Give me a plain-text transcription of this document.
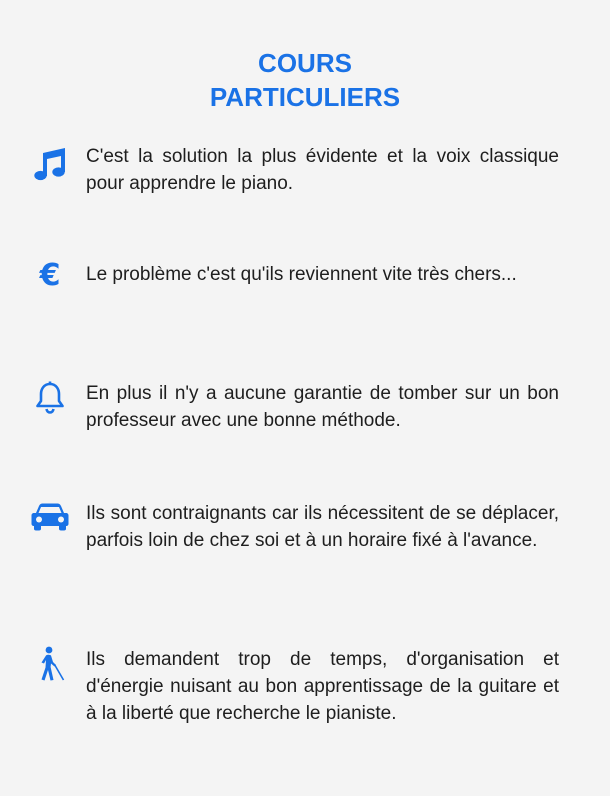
COURS
PARTICULIERS

C'est la solution la plus évidente et la voix classique pour apprendre le piano.

€	Le problème c'est qu'ils reviennent vite très chers...

En plus il n'y a aucune garantie de tomber sur un bon professeur avec une bonne méthode.

Ils sont contraignants car ils nécessitent de se déplacer, parfois loin de chez soi et à un horaire fixé à l'avance.

Ils demandent trop de temps, d'organisation et d'énergie nuisant au bon apprentissage de la guitare et à la liberté que recherche le pianiste.
